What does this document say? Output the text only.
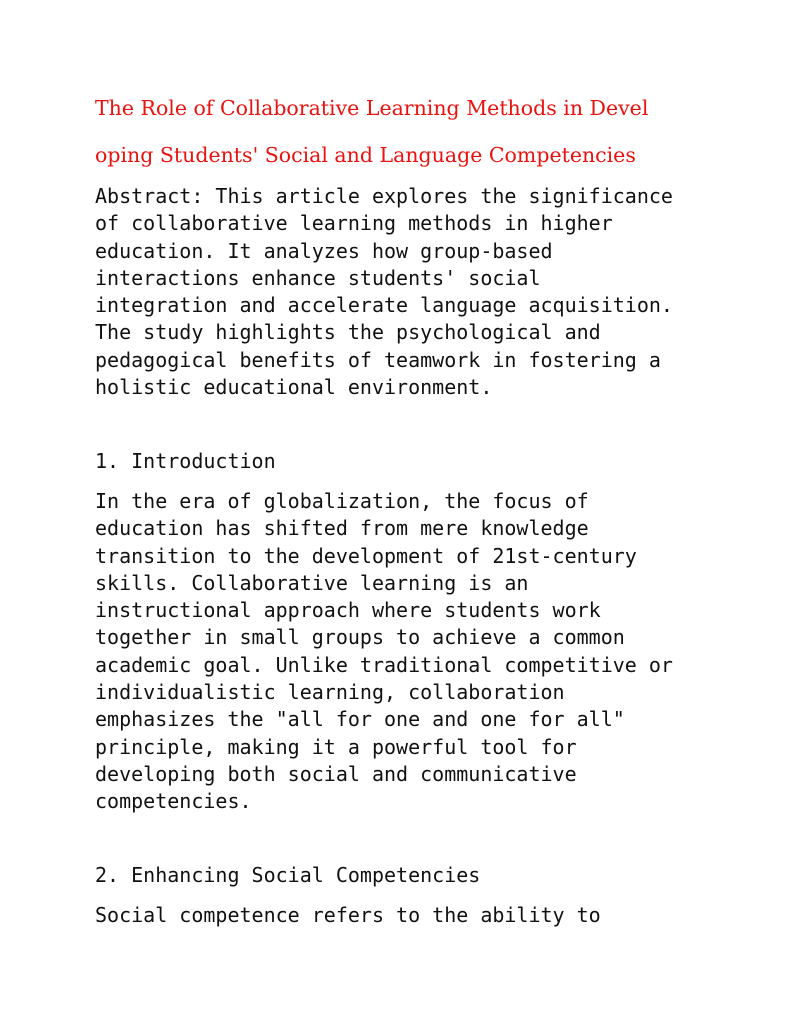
The Role of Collaborative Learning Methods in Devel
oping Students' Social and Language Competencies
Abstract: This article explores the significance
of collaborative learning methods in higher
education. It analyzes how group-based
interactions enhance students' social
integration and accelerate language acquisition.
The study highlights the psychological and
pedagogical benefits of teamwork in fostering a
holistic educational environment.
1. Introduction
In the era of globalization, the focus of
education has shifted from mere knowledge
transition to the development of 21st-century
skills. Collaborative learning is an
instructional approach where students work
together in small groups to achieve a common
academic goal. Unlike traditional competitive or
individualistic learning, collaboration
emphasizes the "all for one and one for all"
principle, making it a powerful tool for
developing both social and communicative
competencies.
2. Enhancing Social Competencies
Social competence refers to the ability to
